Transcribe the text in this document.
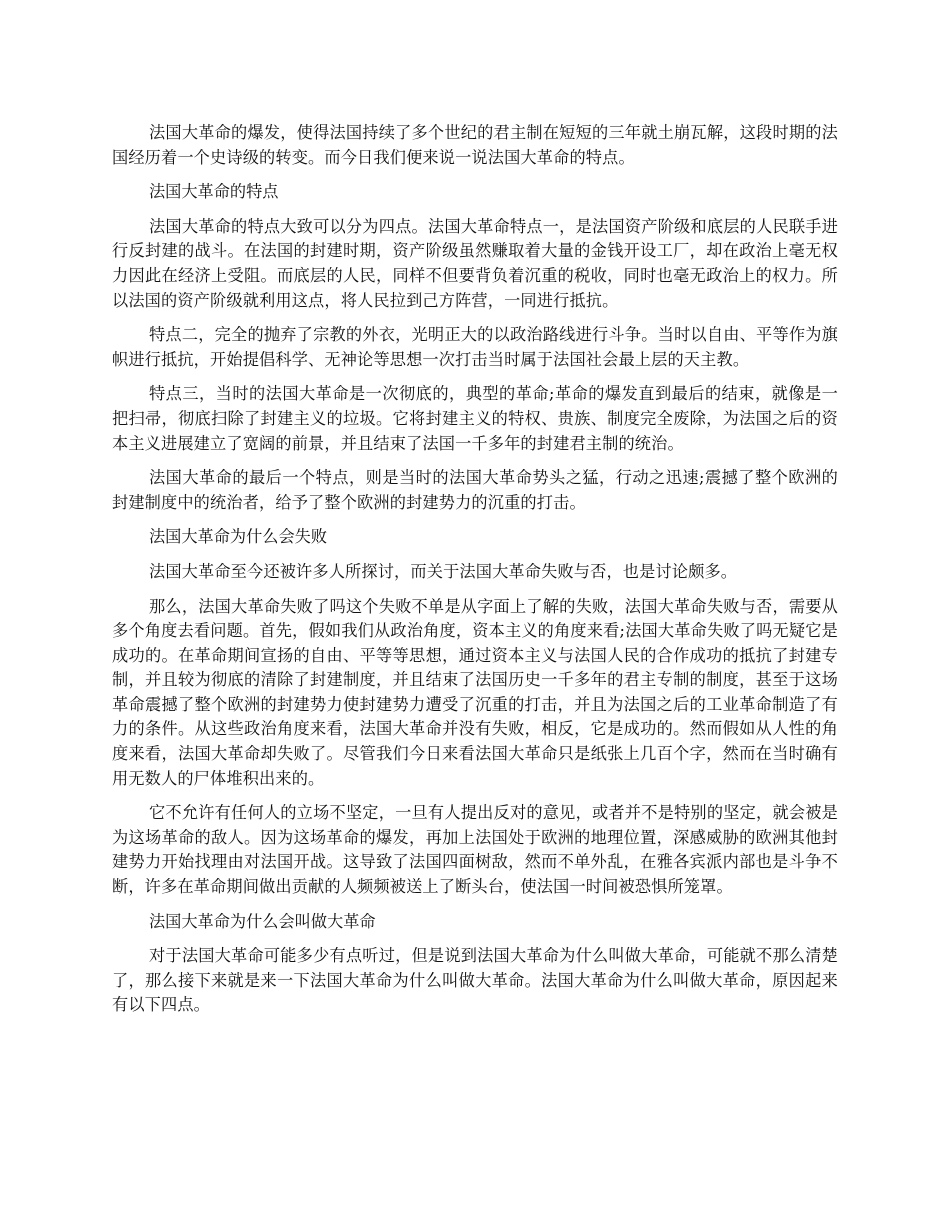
法国大革命的爆发，使得法国持续了多个世纪的君主制在短短的三年就土崩瓦解，这段时期的法国经历着一个史诗级的转变。而今日我们便来说一说法国大革命的特点。

法国大革命的特点

法国大革命的特点大致可以分为四点。法国大革命特点一，是法国资产阶级和底层的人民联手进行反封建的战斗。在法国的封建时期，资产阶级虽然赚取着大量的金钱开设工厂，却在政治上毫无权力因此在经济上受阻。而底层的人民，同样不但要背负着沉重的税收，同时也毫无政治上的权力。所以法国的资产阶级就利用这点，将人民拉到己方阵营，一同进行抵抗。

特点二，完全的抛弃了宗教的外衣，光明正大的以政治路线进行斗争。当时以自由、平等作为旗帜进行抵抗，开始提倡科学、无神论等思想一次打击当时属于法国社会最上层的天主教。

特点三，当时的法国大革命是一次彻底的，典型的革命;革命的爆发直到最后的结束，就像是一把扫帚，彻底扫除了封建主义的垃圾。它将封建主义的特权、贵族、制度完全废除，为法国之后的资本主义进展建立了宽阔的前景，并且结束了法国一千多年的封建君主制的统治。

法国大革命的最后一个特点，则是当时的法国大革命势头之猛，行动之迅速;震撼了整个欧洲的封建制度中的统治者，给予了整个欧洲的封建势力的沉重的打击。

法国大革命为什么会失败

法国大革命至今还被许多人所探讨，而关于法国大革命失败与否，也是讨论颇多。

那么，法国大革命失败了吗这个失败不单是从字面上了解的失败，法国大革命失败与否，需要从多个角度去看问题。首先，假如我们从政治角度，资本主义的角度来看;法国大革命失败了吗无疑它是成功的。在革命期间宣扬的自由、平等等思想，通过资本主义与法国人民的合作成功的抵抗了封建专制，并且较为彻底的清除了封建制度，并且结束了法国历史一千多年的君主专制的制度，甚至于这场革命震撼了整个欧洲的封建势力使封建势力遭受了沉重的打击，并且为法国之后的工业革命制造了有力的条件。从这些政治角度来看，法国大革命并没有失败，相反，它是成功的。然而假如从人性的角度来看，法国大革命却失败了。尽管我们今日来看法国大革命只是纸张上几百个字，然而在当时确有用无数人的尸体堆积出来的。

它不允许有任何人的立场不坚定，一旦有人提出反对的意见，或者并不是特别的坚定，就会被是为这场革命的敌人。因为这场革命的爆发，再加上法国处于欧洲的地理位置，深感威胁的欧洲其他封建势力开始找理由对法国开战。这导致了法国四面树敌，然而不单外乱，在雅各宾派内部也是斗争不断，许多在革命期间做出贡献的人频频被送上了断头台，使法国一时间被恐惧所笼罩。

法国大革命为什么会叫做大革命

对于法国大革命可能多少有点听过，但是说到法国大革命为什么叫做大革命，可能就不那么清楚了，那么接下来就是来一下法国大革命为什么叫做大革命。法国大革命为什么叫做大革命，原因起来有以下四点。
